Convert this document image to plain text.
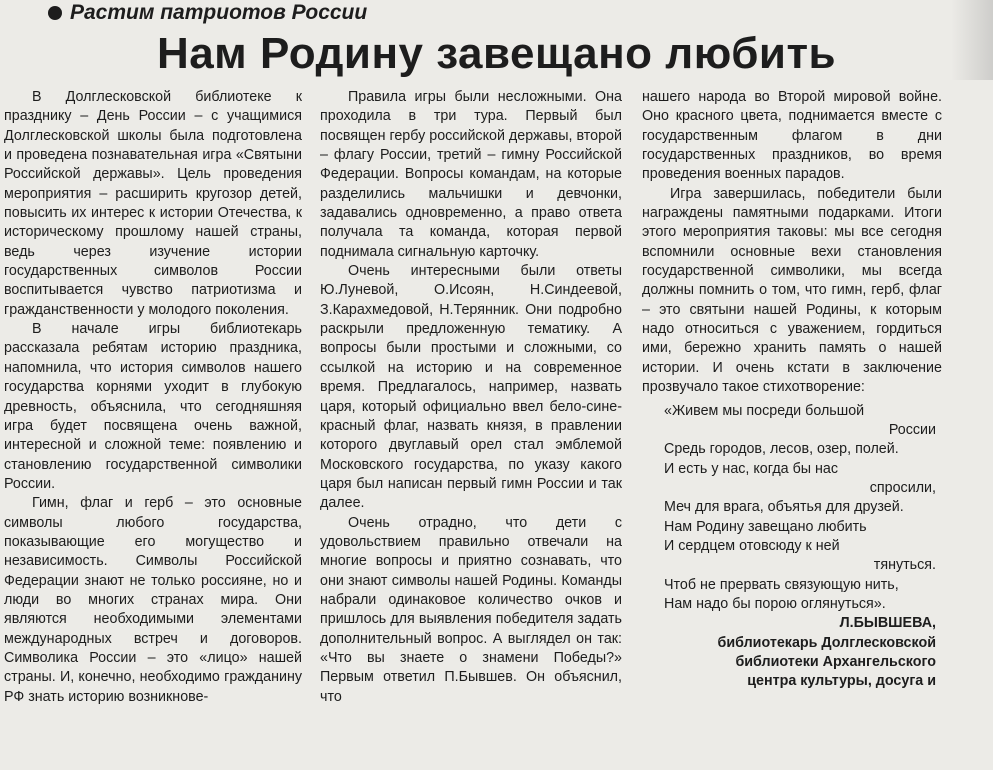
Растим патриотов России
Нам Родину завещано любить

В Долглесковской библиотеке к празднику – День России – с учащимися Долглесковской школы была подготовлена и проведена познавательная игра «Святыни Российской державы». Цель проведения мероприятия – расширить кругозор детей, повысить их интерес к истории Отечества, к историческому прошлому нашей страны, ведь через изучение истории государственных символов России воспитывается чувство патриотизма и гражданственности у молодого поколения.

В начале игры библиотекарь рассказала ребятам историю праздника, напомнила, что история символов нашего государства корнями уходит в глубокую древность, объяснила, что сегодняшняя игра будет посвящена очень важной, интересной и сложной теме: появлению и становлению государственной символики России.

Гимн, флаг и герб – это основные символы любого государства, показывающие его могущество и независимость. Символы Российской Федерации знают не только россияне, но и люди во многих странах мира. Они являются необходимыми элементами международных встреч и договоров. Символика России – это «лицо» нашей страны. И, конечно, необходимо гражданину РФ знать историю возникнове-

Правила игры были несложными. Она проходила в три тура. Первый был посвящен гербу российской державы, второй – флагу России, третий – гимну Российской Федерации. Вопросы командам, на которые разделились мальчишки и девчонки, задавались одновременно, а право ответа получала та команда, которая первой поднимала сигнальную карточку.

Очень интересными были ответы Ю.Луневой, О.Исоян, Н.Синдеевой, З.Карахмедовой, Н.Терянник. Они подробно раскрыли предложенную тематику. А вопросы были простыми и сложными, со ссылкой на историю и на современное время. Предлагалось, например, назвать царя, который официально ввел бело-сине-красный флаг, назвать князя, в правлении которого двуглавый орел стал эмблемой Московского государства, по указу какого царя был написан первый гимн России и так далее.

Очень отрадно, что дети с удовольствием правильно отвечали на многие вопросы и приятно сознавать, что они знают символы нашей Родины. Команды набрали одинаковое количество очков и пришлось для выявления победителя задать дополнительный вопрос. А выглядел он так: «Что вы знаете о знамени Победы?» Первым ответил П.Бывшев. Он объяснил, что

нашего народа во Второй мировой войне. Оно красного цвета, поднимается вместе с государственным флагом в дни государственных праздников, во время проведения военных парадов.

Игра завершилась, победители были награждены памятными подарками. Итоги этого мероприятия таковы: мы все сегодня вспомнили основные вехи становления государственной символики, мы всегда должны помнить о том, что гимн, герб, флаг – это святыни нашей Родины, к которым надо относиться с уважением, гордиться ими, бережно хранить память о нашей истории. И очень кстати в заключение прозвучало такое стихотворение:

«Живем мы посреди большой
России
Средь городов, лесов, озер, полей.
И есть у нас, когда бы нас
спросили,
Меч для врага, объятья для друзей.
Нам Родину завещано любить
И сердцем отовсюду к ней
тянуться.
Чтоб не прервать связующую нить,
Нам надо бы порою оглянуться».
Л.БЫВШЕВА,
библиотекарь Долглесковской
библиотеки Архангельского
центра культуры, досуга и
